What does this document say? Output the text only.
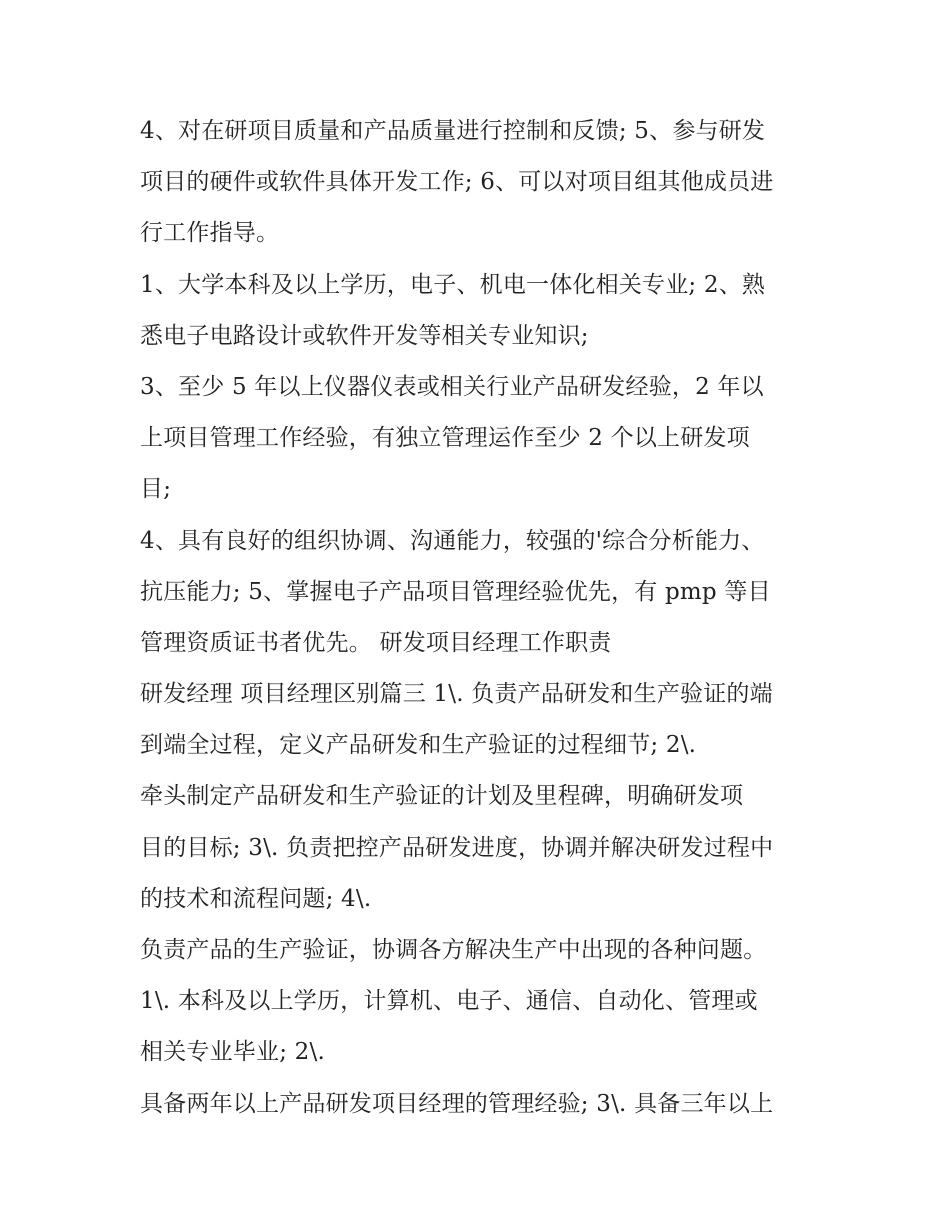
4、对在研项目质量和产品质量进行控制和反馈; 5、参与研发
项目的硬件或软件具体开发工作; 6、可以对项目组其他成员进
行工作指导。
1、大学本科及以上学历，电子、机电一体化相关专业; 2、熟
悉电子电路设计或软件开发等相关专业知识;
3、至少 5 年以上仪器仪表或相关行业产品研发经验，2 年以
上项目管理工作经验，有独立管理运作至少 2 个以上研发项
目;
4、具有良好的组织协调、沟通能力，较强的'综合分析能力、
抗压能力; 5、掌握电子产品项目管理经验优先，有 pmp 等目
管理资质证书者优先。 研发项目经理工作职责
研发经理 项目经理区别篇三 1\. 负责产品研发和生产验证的端
到端全过程，定义产品研发和生产验证的过程细节; 2\.
牵头制定产品研发和生产验证的计划及里程碑，明确研发项
目的目标; 3\. 负责把控产品研发进度，协调并解决研发过程中
的技术和流程问题; 4\.
负责产品的生产验证，协调各方解决生产中出现的各种问题。
1\. 本科及以上学历，计算机、电子、通信、自动化、管理或
相关专业毕业; 2\.
具备两年以上产品研发项目经理的管理经验; 3\. 具备三年以上
